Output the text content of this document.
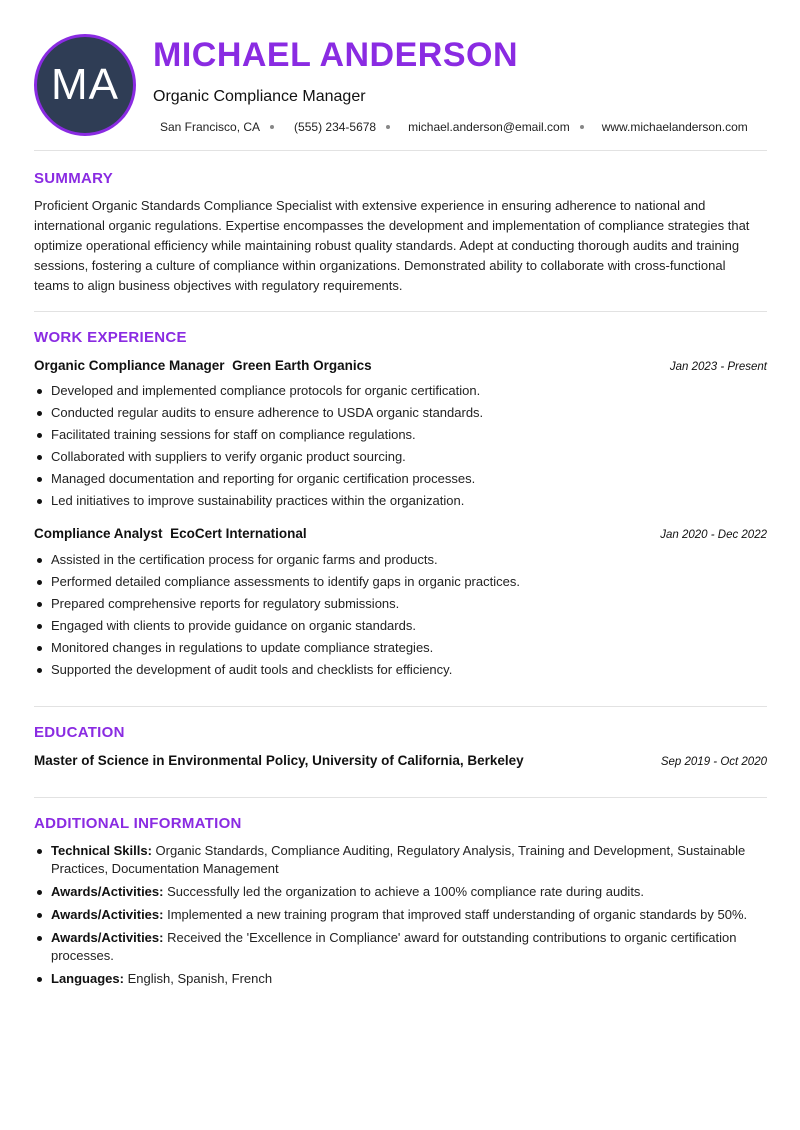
MA
MICHAEL ANDERSON
Organic Compliance Manager
San Francisco, CA	(555) 234-5678	michael.anderson@email.com	www.michaelanderson.com
SUMMARY
Proficient Organic Standards Compliance Specialist with extensive experience in ensuring adherence to national and international organic regulations. Expertise encompasses the development and implementation of compliance strategies that optimize operational efficiency while maintaining robust quality standards. Adept at conducting thorough audits and training sessions, fostering a culture of compliance within organizations. Demonstrated ability to collaborate with cross-functional teams to align business objectives with regulatory requirements.
WORK EXPERIENCE
Organic Compliance Manager Green Earth Organics	Jan 2023 - Present
Developed and implemented compliance protocols for organic certification.
Conducted regular audits to ensure adherence to USDA organic standards.
Facilitated training sessions for staff on compliance regulations.
Collaborated with suppliers to verify organic product sourcing.
Managed documentation and reporting for organic certification processes.
Led initiatives to improve sustainability practices within the organization.
Compliance Analyst EcoCert International	Jan 2020 - Dec 2022
Assisted in the certification process for organic farms and products.
Performed detailed compliance assessments to identify gaps in organic practices.
Prepared comprehensive reports for regulatory submissions.
Engaged with clients to provide guidance on organic standards.
Monitored changes in regulations to update compliance strategies.
Supported the development of audit tools and checklists for efficiency.
EDUCATION
Master of Science in Environmental Policy, University of California, Berkeley	Sep 2019 - Oct 2020
ADDITIONAL INFORMATION
Technical Skills: Organic Standards, Compliance Auditing, Regulatory Analysis, Training and Development, Sustainable Practices, Documentation Management
Awards/Activities: Successfully led the organization to achieve a 100% compliance rate during audits.
Awards/Activities: Implemented a new training program that improved staff understanding of organic standards by 50%.
Awards/Activities: Received the 'Excellence in Compliance' award for outstanding contributions to organic certification processes.
Languages: English, Spanish, French
